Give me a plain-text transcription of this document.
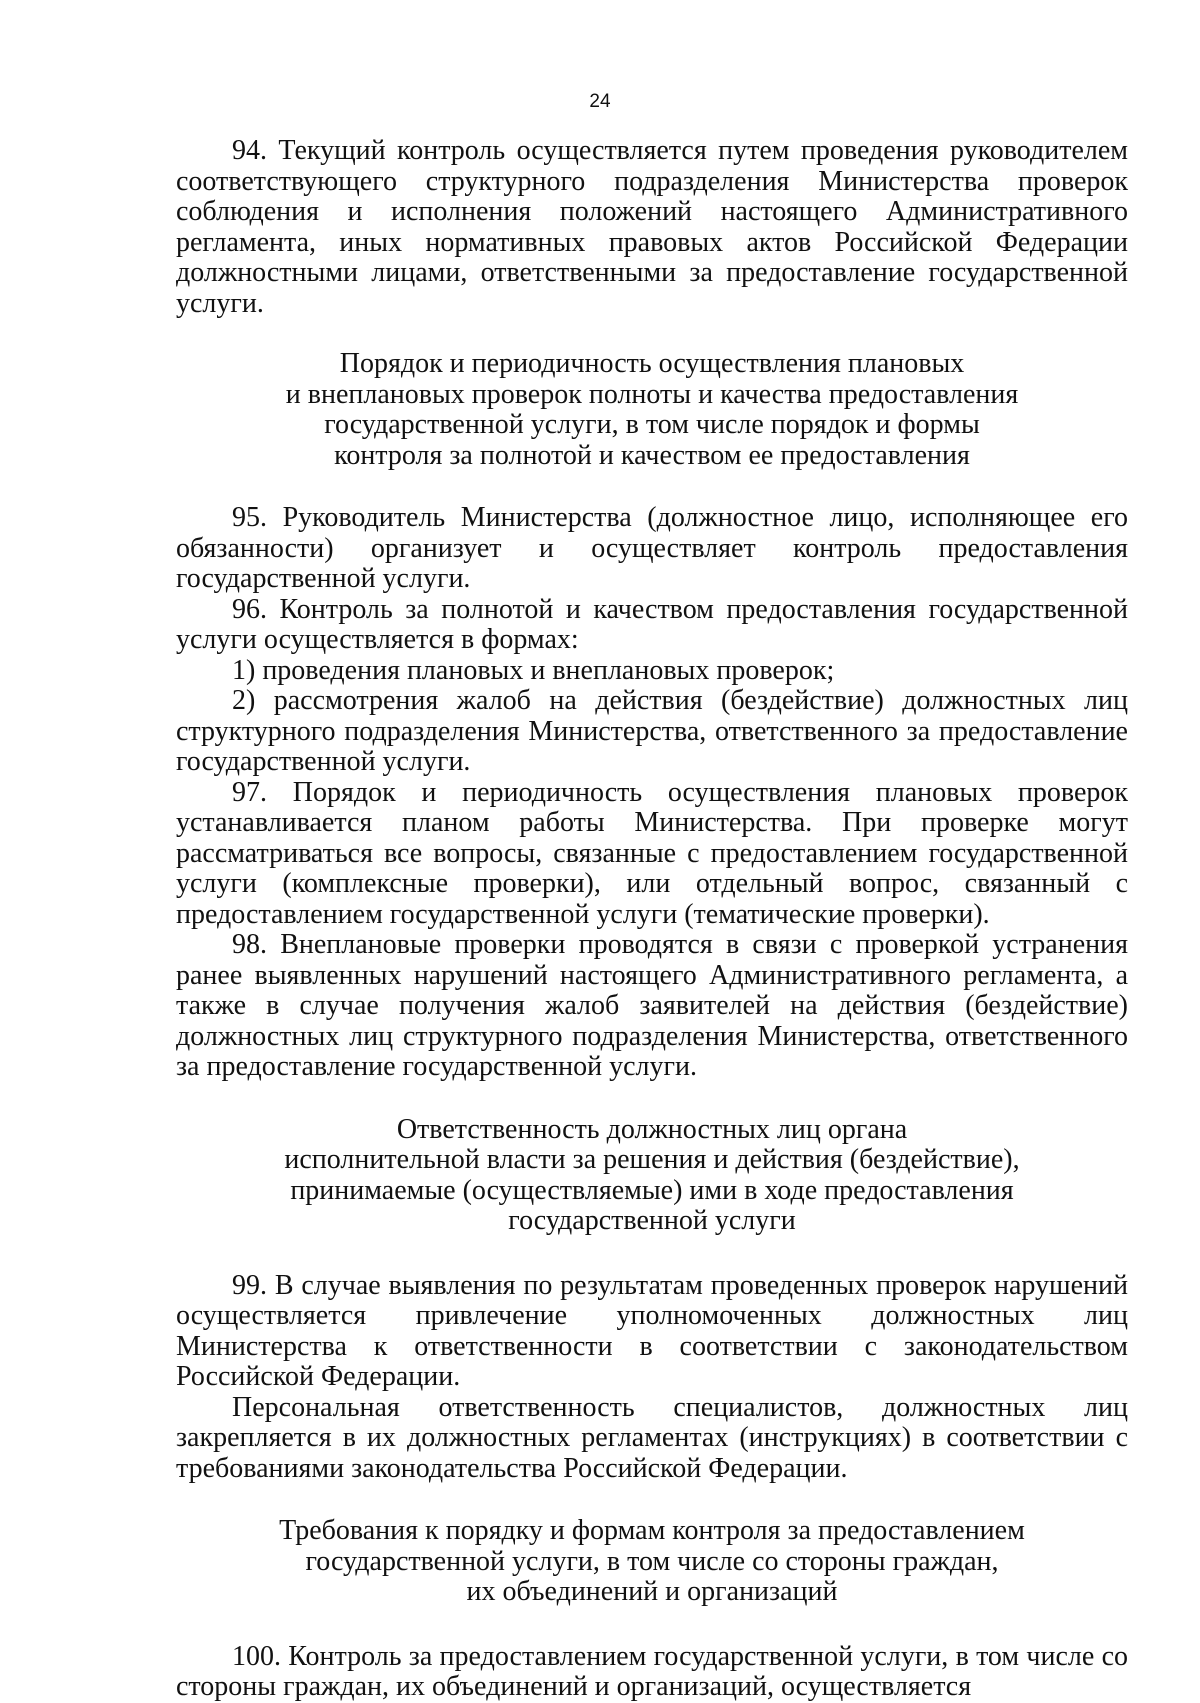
24

94. Текущий контроль осуществляется путем проведения руководителем соответствующего структурного подразделения Министерства проверок соблюдения и исполнения положений настоящего Административного регламента, иных нормативных правовых актов Российской Федерации должностными лицами, ответственными за предоставление государственной услуги.

Порядок и периодичность осуществления плановых
и внеплановых проверок полноты и качества предоставления
государственной услуги, в том числе порядок и формы
контроля за полнотой и качеством ее предоставления

95. Руководитель Министерства (должностное лицо, исполняющее его обязанности) организует и осуществляет контроль предоставления государственной услуги.

96. Контроль за полнотой и качеством предоставления государственной услуги осуществляется в формах:

1) проведения плановых и внеплановых проверок;

2) рассмотрения жалоб на действия (бездействие) должностных лиц структурного подразделения Министерства, ответственного за предоставление государственной услуги.

97. Порядок и периодичность осуществления плановых проверок устанавливается планом работы Министерства. При проверке могут рассматриваться все вопросы, связанные с предоставлением государственной услуги (комплексные проверки), или отдельный вопрос, связанный с предоставлением государственной услуги (тематические проверки).

98. Внеплановые проверки проводятся в связи с проверкой устранения ранее выявленных нарушений настоящего Административного регламента, а также в случае получения жалоб заявителей на действия (бездействие) должностных лиц структурного подразделения Министерства, ответственного за предоставление государственной услуги.

Ответственность должностных лиц органа
исполнительной власти за решения и действия (бездействие),
принимаемые (осуществляемые) ими в ходе предоставления
государственной услуги

99. В случае выявления по результатам проведенных проверок нарушений осуществляется привлечение уполномоченных должностных лиц Министерства к ответственности в соответствии с законодательством Российской Федерации.

Персональная ответственность специалистов, должностных лиц закрепляется в их должностных регламентах (инструкциях) в соответствии с требованиями законодательства Российской Федерации.

Требования к порядку и формам контроля за предоставлением
государственной услуги, в том числе со стороны граждан,
их объединений и организаций

100. Контроль за предоставлением государственной услуги, в том числе со стороны граждан, их объединений и организаций, осуществляется
